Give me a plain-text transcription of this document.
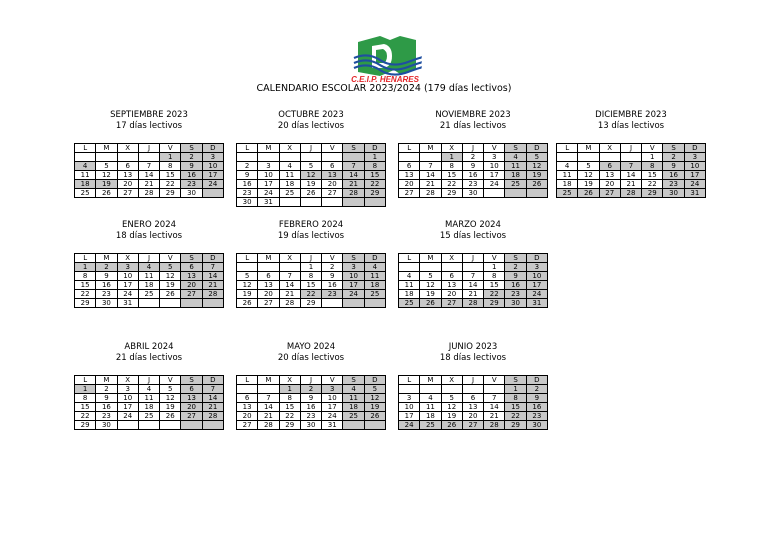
C.E.I.P. HENARES
CALENDARIO ESCOLAR 2023/2024 (179 días lectivos)
SEPTIEMBRE 2023
17 días lectivos
L	M	X	J	V	S	D
				1	2	3
4	5	6	7	8	9	10
11	12	13	14	15	16	17
18	19	20	21	22	23	24
25	26	27	28	29	30	
OCTUBRE 2023
20 días lectivos
L	M	X	J	V	S	D
						1
2	3	4	5	6	7	8
9	10	11	12	13	14	15
16	17	18	19	20	21	22
23	24	25	26	27	28	29
30	31					
NOVIEMBRE 2023
21 días lectivos
L	M	X	J	V	S	D
		1	2	3	4	5
6	7	8	9	10	11	12
13	14	15	16	17	18	19
20	21	22	23	24	25	26
27	28	29	30			
DICIEMBRE 2023
13 días lectivos
L	M	X	J	V	S	D
				1	2	3
4	5	6	7	8	9	10
11	12	13	14	15	16	17
18	19	20	21	22	23	24
25	26	27	28	29	30	31
ENERO 2024
18 días lectivos
L	M	X	J	V	S	D
1	2	3	4	5	6	7
8	9	10	11	12	13	14
15	16	17	18	19	20	21
22	23	24	25	26	27	28
29	30	31				
FEBRERO 2024
19 días lectivos
L	M	X	J	V	S	D
			1	2	3	4
5	6	7	8	9	10	11
12	13	14	15	16	17	18
19	20	21	22	23	24	25
26	27	28	29			
MARZO 2024
15 días lectivos
L	M	X	J	V	S	D
				1	2	3
4	5	6	7	8	9	10
11	12	13	14	15	16	17
18	19	20	21	22	23	24
25	26	27	28	29	30	31
ABRIL 2024
21 días lectivos
L	M	X	J	V	S	D
1	2	3	4	5	6	7
8	9	10	11	12	13	14
15	16	17	18	19	20	21
22	23	24	25	26	27	28
29	30					
MAYO 2024
20 días lectivos
L	M	X	J	V	S	D
		1	2	3	4	5
6	7	8	9	10	11	12
13	14	15	16	17	18	19
20	21	22	23	24	25	26
27	28	29	30	31		
JUNIO 2023
18 días lectivos
L	M	X	J	V	S	D
					1	2
3	4	5	6	7	8	9
10	11	12	13	14	15	16
17	18	19	20	21	22	23
24	25	26	27	28	29	30
